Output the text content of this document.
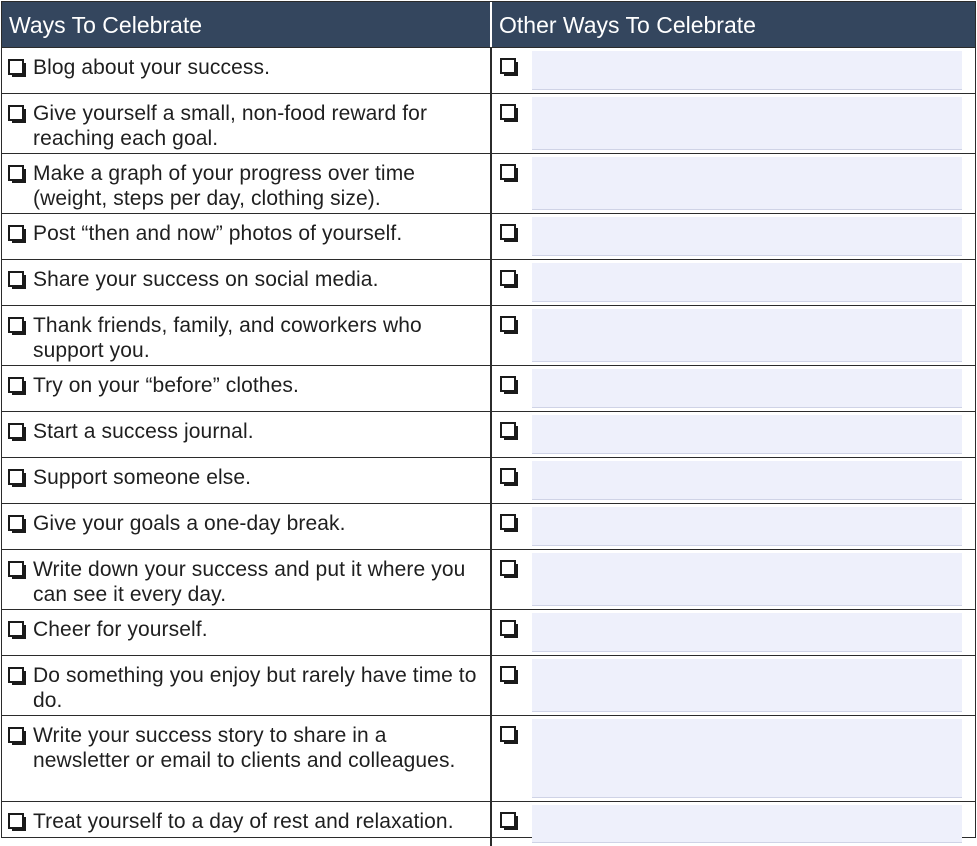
Ways To Celebrate	Other Ways To Celebrate
Blog about your success.
Give yourself a small, non-food reward for reaching each goal.
Make a graph of your progress over time (weight, steps per day, clothing size).
Post “then and now” photos of yourself.
Share your success on social media.
Thank friends, family, and coworkers who support you.
Try on your “before” clothes.
Start a success journal.
Support someone else.
Give your goals a one-day break.
Write down your success and put it where you can see it every day.
Cheer for yourself.
Do something you enjoy but rarely have time to do.
Write your success story to share in a newsletter or email to clients and colleagues.
Treat yourself to a day of rest and relaxation.
